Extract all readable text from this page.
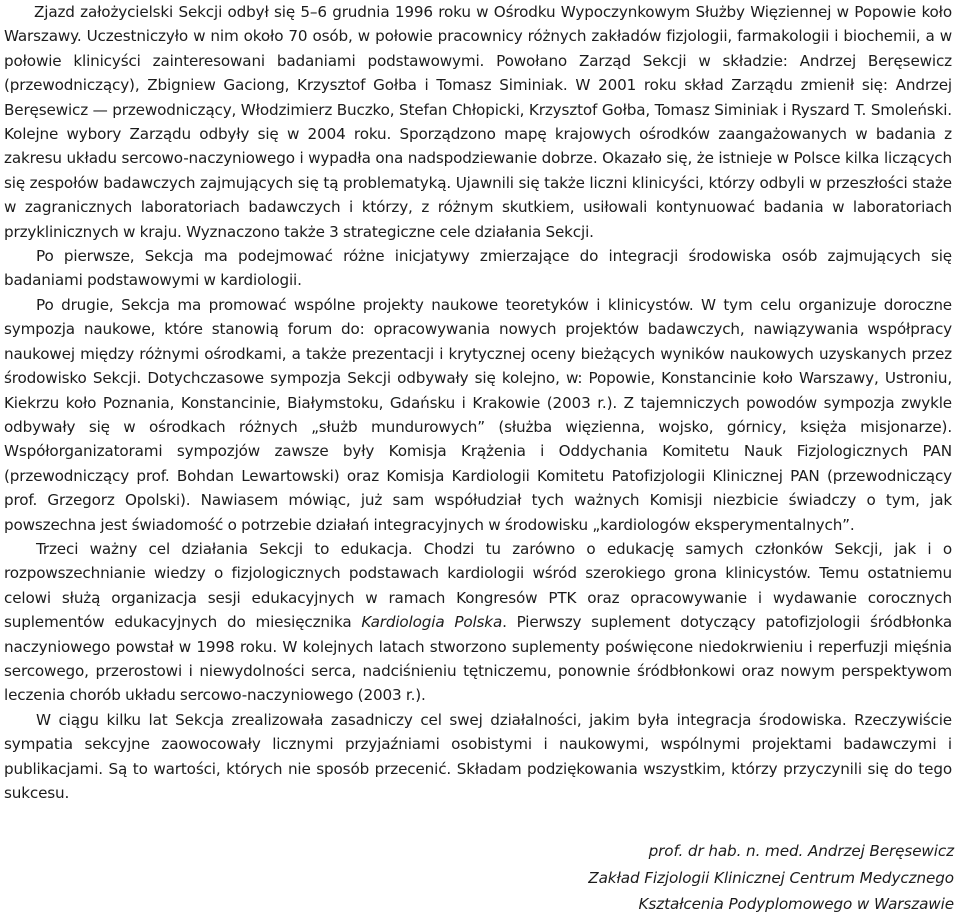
Zjazd założycielski Sekcji odbył się 5–6 grudnia 1996 roku w Ośrodku Wypoczynkowym Służby Więziennej w Popowie koło Warszawy. Uczestniczyło w nim około 70 osób, w połowie pracownicy różnych zakładów fizjologii, farmakologii i biochemii, a w połowie klinicyści zainteresowani badaniami podstawowymi. Powołano Zarząd Sekcji w składzie: Andrzej Beręsewicz (przewodniczący), Zbigniew Gaciong, Krzysztof Gołba i Tomasz Siminiak. W 2001 roku skład Zarządu zmienił się: Andrzej Beręsewicz — przewodniczący, Włodzimierz Buczko, Stefan Chłopicki, Krzysztof Gołba, Tomasz Siminiak i Ryszard T. Smoleński. Kolejne wybory Zarządu odbyły się w 2004 roku. Sporządzono mapę krajowych ośrodków zaangażowanych w badania z zakresu układu sercowo-naczyniowego i wypadła ona nadspodziewanie dobrze. Okazało się, że istnieje w Polsce kilka liczących się zespołów badawczych zajmujących się tą problematyką. Ujawnili się także liczni klinicyści, którzy odbyli w przeszłości staże w zagranicznych laboratoriach badawczych i którzy, z różnym skutkiem, usiłowali kontynuować badania w laboratoriach przyklinicznych w kraju. Wyznaczono także 3 strategiczne cele działania Sekcji.

Po pierwsze, Sekcja ma podejmować różne inicjatywy zmierzające do integracji środowiska osób zajmujących się badaniami podstawowymi w kardiologii.

Po drugie, Sekcja ma promować wspólne projekty naukowe teoretyków i klinicystów. W tym celu organizuje doroczne sympozja naukowe, które stanowią forum do: opracowywania nowych projektów badawczych, nawiązywania współpracy naukowej między różnymi ośrodkami, a także prezentacji i krytycznej oceny bieżących wyników naukowych uzyskanych przez środowisko Sekcji. Dotychczasowe sympozja Sekcji odbywały się kolejno, w: Popowie, Konstancinie koło Warszawy, Ustroniu, Kiekrzu koło Poznania, Konstancinie, Białymstoku, Gdańsku i Krakowie (2003 r.). Z tajemniczych powodów sympozja zwykle odbywały się w ośrodkach różnych „służb mundurowych” (służba więzienna, wojsko, górnicy, księża misjonarze). Współorganizatorami sympozjów zawsze były Komisja Krążenia i Oddychania Komitetu Nauk Fizjologicznych PAN (przewodniczący prof. Bohdan Lewartowski) oraz Komisja Kardiologii Komitetu Patofizjologii Klinicznej PAN (przewodniczący prof. Grzegorz Opolski). Nawiasem mówiąc, już sam współudział tych ważnych Komisji niezbicie świadczy o tym, jak powszechna jest świadomość o potrzebie działań integracyjnych w środowisku „kardiologów eksperymentalnych”.

Trzeci ważny cel działania Sekcji to edukacja. Chodzi tu zarówno o edukację samych członków Sekcji, jak i o rozpowszechnianie wiedzy o fizjologicznych podstawach kardiologii wśród szerokiego grona klinicystów. Temu ostatniemu celowi służą organizacja sesji edukacyjnych w ramach Kongresów PTK oraz opracowywanie i wydawanie corocznych suplementów edukacyjnych do miesięcznika Kardiologia Polska. Pierwszy suplement dotyczący patofizjologii śródbłonka naczyniowego powstał w 1998 roku. W kolejnych latach stworzono suplementy poświęcone niedokrwieniu i reperfuzji mięśnia sercowego, przerostowi i niewydolności serca, nadciśnieniu tętniczemu, ponownie śródbłonkowi oraz nowym perspektywom leczenia chorób układu sercowo-naczyniowego (2003 r.).

W ciągu kilku lat Sekcja zrealizowała zasadniczy cel swej działalności, jakim była integracja środowiska. Rzeczywiście sympatia sekcyjne zaowocowały licznymi przyjaźniami osobistymi i naukowymi, wspólnymi projektami badawczymi i publikacjami. Są to wartości, których nie sposób przecenić. Składam podziękowania wszystkim, którzy przyczynili się do tego sukcesu.

prof. dr hab. n. med. Andrzej Beręsewicz
Zakład Fizjologii Klinicznej Centrum Medycznego
Kształcenia Podyplomowego w Warszawie
